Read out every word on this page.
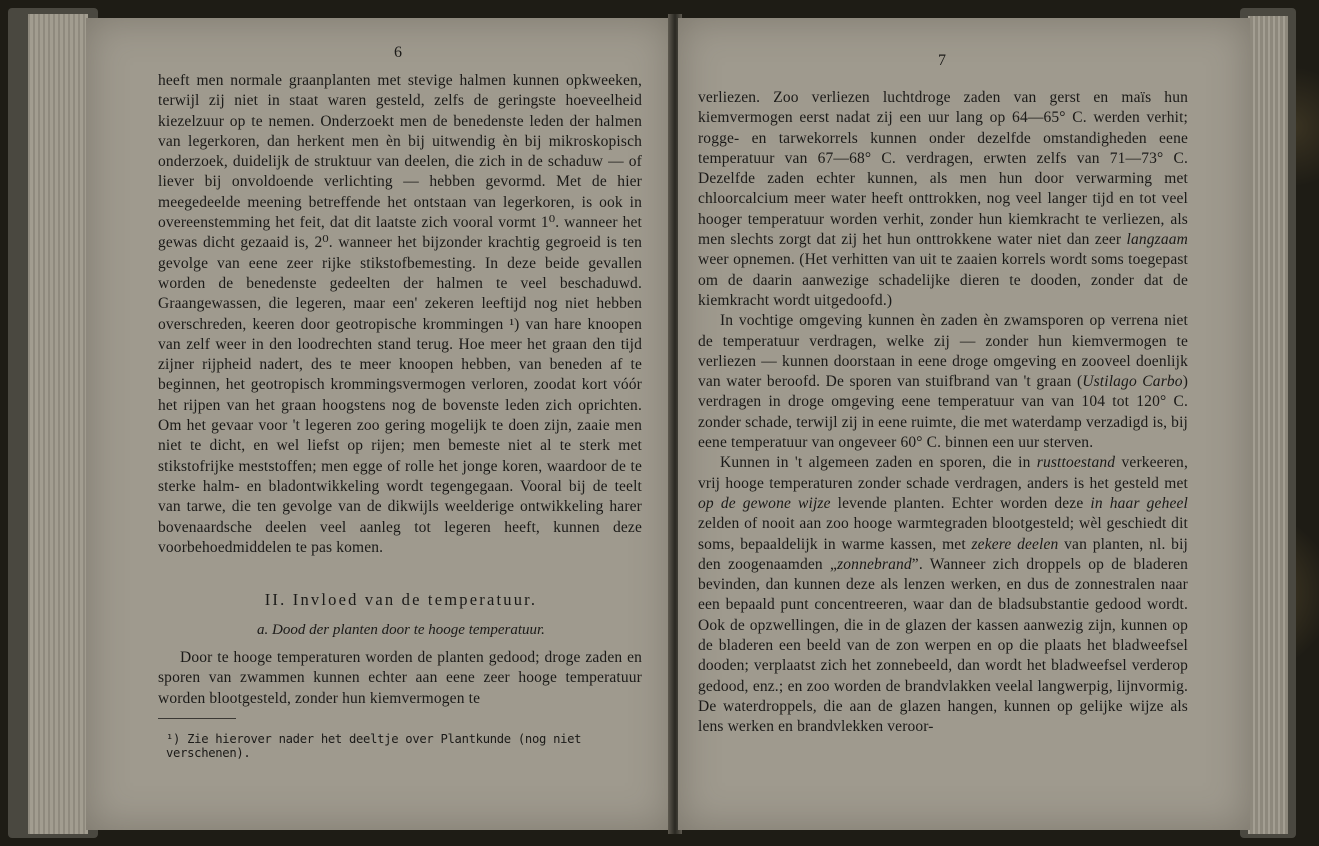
6

heeft men normale graanplanten met stevige halmen kunnen opkweeken, terwijl zij niet in staat waren gesteld, zelfs de geringste hoeveelheid kiezelzuur op te nemen. Onderzoekt men de benedenste leden der halmen van legerkoren, dan herkent men èn bij uitwendig èn bij mikroskopisch onderzoek, duidelijk de struktuur van deelen, die zich in de schaduw — of liever bij onvoldoende verlichting — hebben gevormd. Met de hier meegedeelde meening betreffende het ontstaan van legerkoren, is ook in overeenstemming het feit, dat dit laatste zich vooral vormt 1⁰. wanneer het gewas dicht gezaaid is, 2⁰. wanneer het bijzonder krachtig gegroeid is ten gevolge van eene zeer rijke stikstofbemesting. In deze beide gevallen worden de benedenste gedeelten der halmen te veel beschaduwd. Graangewassen, die legeren, maar een' zekeren leeftijd nog niet hebben overschreden, keeren door geotropische krommingen ¹) van hare knoopen van zelf weer in den loodrechten stand terug. Hoe meer het graan den tijd zijner rijpheid nadert, des te meer knoopen hebben, van beneden af te beginnen, het geotropisch krommingsvermogen verloren, zoodat kort vóór het rijpen van het graan hoogstens nog de bovenste leden zich oprichten. Om het gevaar voor 't legeren zoo gering mogelijk te doen zijn, zaaie men niet te dicht, en wel liefst op rijen; men bemeste niet al te sterk met stikstofrijke meststoffen; men egge of rolle het jonge koren, waardoor de te sterke halm- en bladontwikkeling wordt tegengegaan. Vooral bij de teelt van tarwe, die ten gevolge van de dikwijls weelderige ontwikkeling harer bovenaardsche deelen veel aanleg tot legeren heeft, kunnen deze voorbehoedmiddelen te pas komen.

II. Invloed van de temperatuur.
a. Dood der planten door te hooge temperatuur.

Door te hooge temperaturen worden de planten gedood; droge zaden en sporen van zwammen kunnen echter aan eene zeer hooge temperatuur worden blootgesteld, zonder hun kiemvermogen te

¹) Zie hierover nader het deeltje over Plantkunde (nog niet verschenen).
7

verliezen. Zoo verliezen luchtdroge zaden van gerst en maïs hun kiemvermogen eerst nadat zij een uur lang op 64—65° C. werden verhit; rogge- en tarwekorrels kunnen onder dezelfde omstandigheden eene temperatuur van 67—68° C. verdragen, erwten zelfs van 71—73° C. Dezelfde zaden echter kunnen, als men hun door verwarming met chloorcalcium meer water heeft onttrokken, nog veel langer tijd en tot veel hooger temperatuur worden verhit, zonder hun kiemkracht te verliezen, als men slechts zorgt dat zij het hun onttrokkene water niet dan zeer langzaam weer opnemen. (Het verhitten van uit te zaaien korrels wordt soms toegepast om de daarin aanwezige schadelijke dieren te dooden, zonder dat de kiemkracht wordt uitgedoofd.)

In vochtige omgeving kunnen èn zaden èn zwamsporen op verrena niet de temperatuur verdragen, welke zij — zonder hun kiemvermogen te verliezen — kunnen doorstaan in eene droge omgeving en zooveel doenlijk van water beroofd. De sporen van stuifbrand van 't graan (Ustilago Carbo) verdragen in droge omgeving eene temperatuur van van 104 tot 120° C. zonder schade, terwijl zij in eene ruimte, die met waterdamp verzadigd is, bij eene temperatuur van ongeveer 60° C. binnen een uur sterven.

Kunnen in 't algemeen zaden en sporen, die in rusttoestand verkeeren, vrij hooge temperaturen zonder schade verdragen, anders is het gesteld met op de gewone wijze levende planten. Echter worden deze in haar geheel zelden of nooit aan zoo hooge warmtegraden blootgesteld; wèl geschiedt dit soms, bepaaldelijk in warme kassen, met zekere deelen van planten, nl. bij den zoogenaamden „zonnebrand”. Wanneer zich droppels op de bladeren bevinden, dan kunnen deze als lenzen werken, en dus de zonnestralen naar een bepaald punt concentreeren, waar dan de bladsubstantie gedood wordt. Ook de opzwellingen, die in de glazen der kassen aanwezig zijn, kunnen op de bladeren een beeld van de zon werpen en op die plaats het bladweefsel dooden; verplaatst zich het zonnebeeld, dan wordt het bladweefsel verderop gedood, enz.; en zoo worden de brandvlakken veelal langwerpig, lijnvormig. De waterdroppels, die aan de glazen hangen, kunnen op gelijke wijze als lens werken en brandvlekken veroor-
